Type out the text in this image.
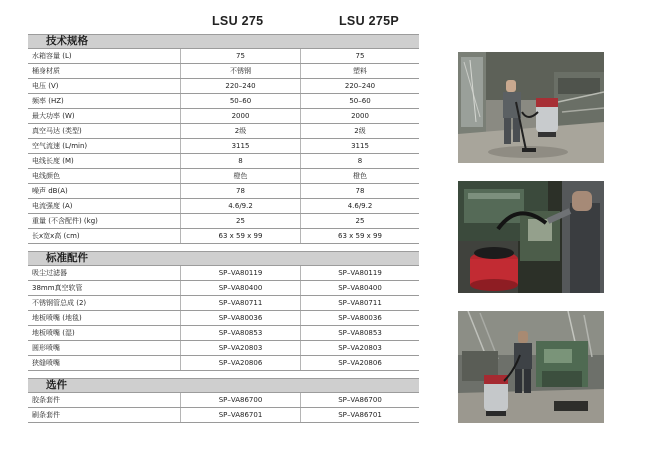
LSU 275	LSU 275P
技术规格
水箱容量 (L)	75	75
桶身材质	不锈钢	塑料
电压 (V)	220–240	220–240
频率 (HZ)	50–60	50–60
最大功率 (W)	2000	2000
真空马达 (类型)	2级	2级
空气流速 (L/min)	3115	3115
电线长度 (M)	8	8
电线颜色	橙色	橙色
噪声 dB(A)	78	78
电流强度 (A)	4.6/9.2	4.6/9.2
重量 (不含配件) (kg)	25	25
长x宽x高 (cm)	63 x 59 x 99	63 x 59 x 99
标准配件
吸尘过滤器	SP–VA80119	SP–VA80119
38mm真空软管	SP–VA80400	SP–VA80400
不锈钢管总成 (2)	SP–VA80711	SP–VA80711
地板喷嘴 (地毯)	SP–VA80036	SP–VA80036
地板喷嘴 (湿)	SP–VA80853	SP–VA80853
圆形喷嘴	SP–VA20803	SP–VA20803
狭缝喷嘴	SP–VA20806	SP–VA20806
选件
胶条套件	SP–VA86700	SP–VA86700
刷条套件	SP–VA86701	SP–VA86701
